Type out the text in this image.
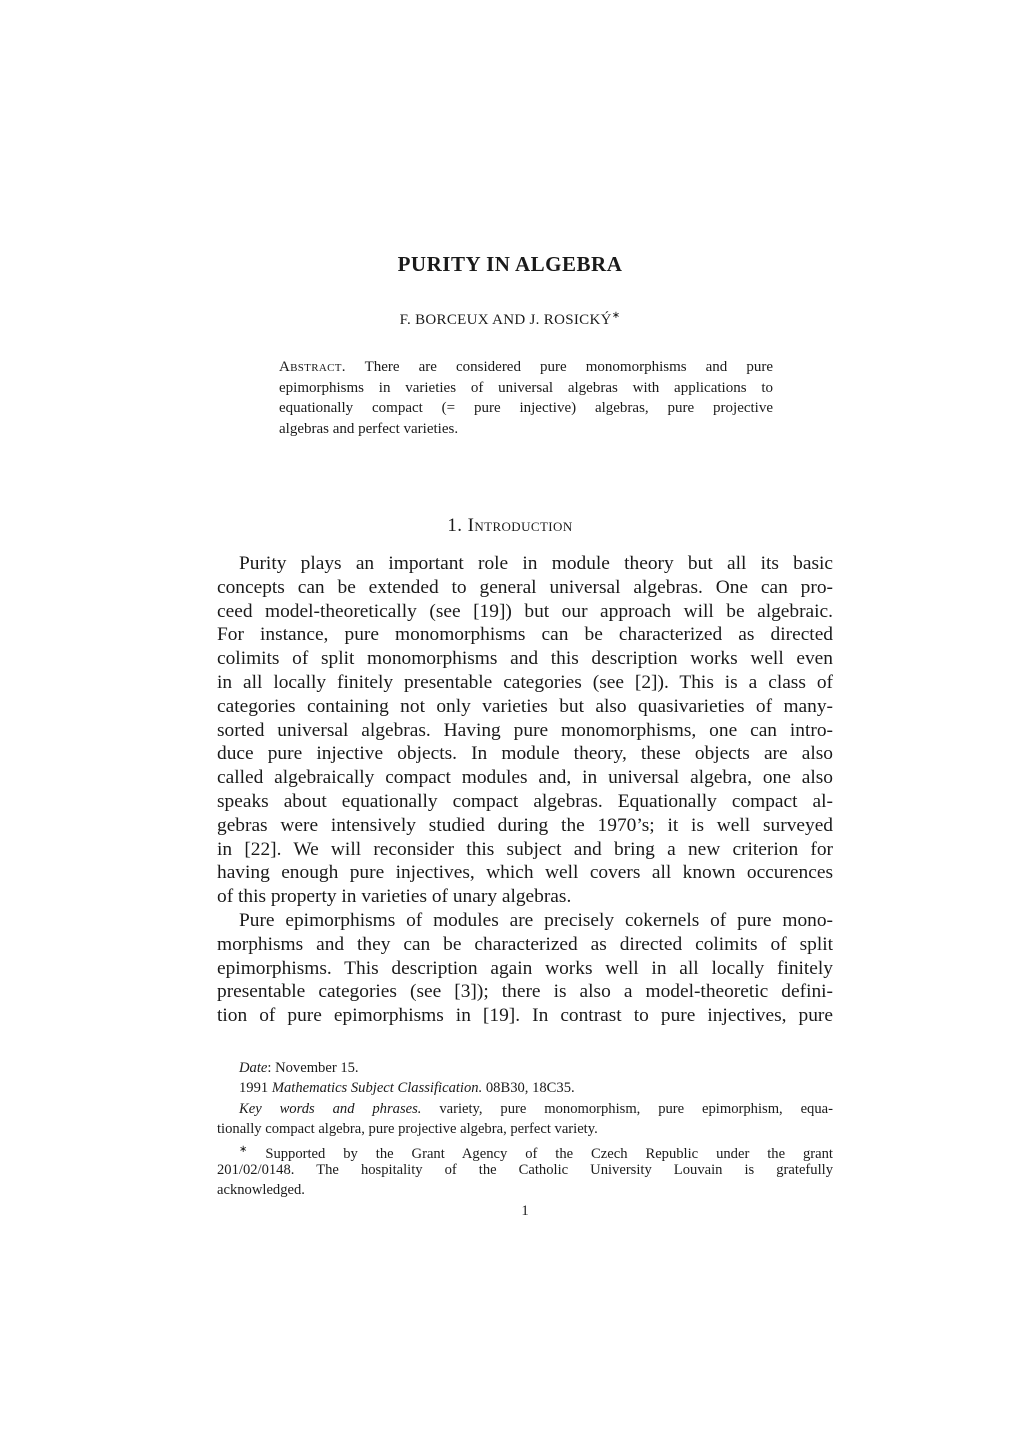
PURITY IN ALGEBRA
F. BORCEUX AND J. ROSICKÝ∗
Abstract. There are considered pure monomorphisms and pure
epimorphisms in varieties of universal algebras with applications to
equationally compact (= pure injective) algebras, pure projective
algebras and perfect varieties.
1. Introduction
Purity plays an important role in module theory but all its basic
concepts can be extended to general universal algebras. One can pro-
ceed model-theoretically (see [19]) but our approach will be algebraic.
For instance, pure monomorphisms can be characterized as directed
colimits of split monomorphisms and this description works well even
in all locally finitely presentable categories (see [2]). This is a class of
categories containing not only varieties but also quasivarieties of many-
sorted universal algebras. Having pure monomorphisms, one can intro-
duce pure injective objects. In module theory, these objects are also
called algebraically compact modules and, in universal algebra, one also
speaks about equationally compact algebras. Equationally compact al-
gebras were intensively studied during the 1970’s; it is well surveyed
in [22]. We will reconsider this subject and bring a new criterion for
having enough pure injectives, which well covers all known occurences
of this property in varieties of unary algebras.
Pure epimorphisms of modules are precisely cokernels of pure mono-
morphisms and they can be characterized as directed colimits of split
epimorphisms. This description again works well in all locally finitely
presentable categories (see [3]); there is also a model-theoretic defini-
tion of pure epimorphisms in [19]. In contrast to pure injectives, pure
Date: November 15.
1991 Mathematics Subject Classification. 08B30, 18C35.
Key words and phrases. variety, pure monomorphism, pure epimorphism, equa-
tionally compact algebra, pure projective algebra, perfect variety.
∗ Supported by the Grant Agency of the Czech Republic under the grant
201/02/0148. The hospitality of the Catholic University Louvain is gratefully
acknowledged.
1
